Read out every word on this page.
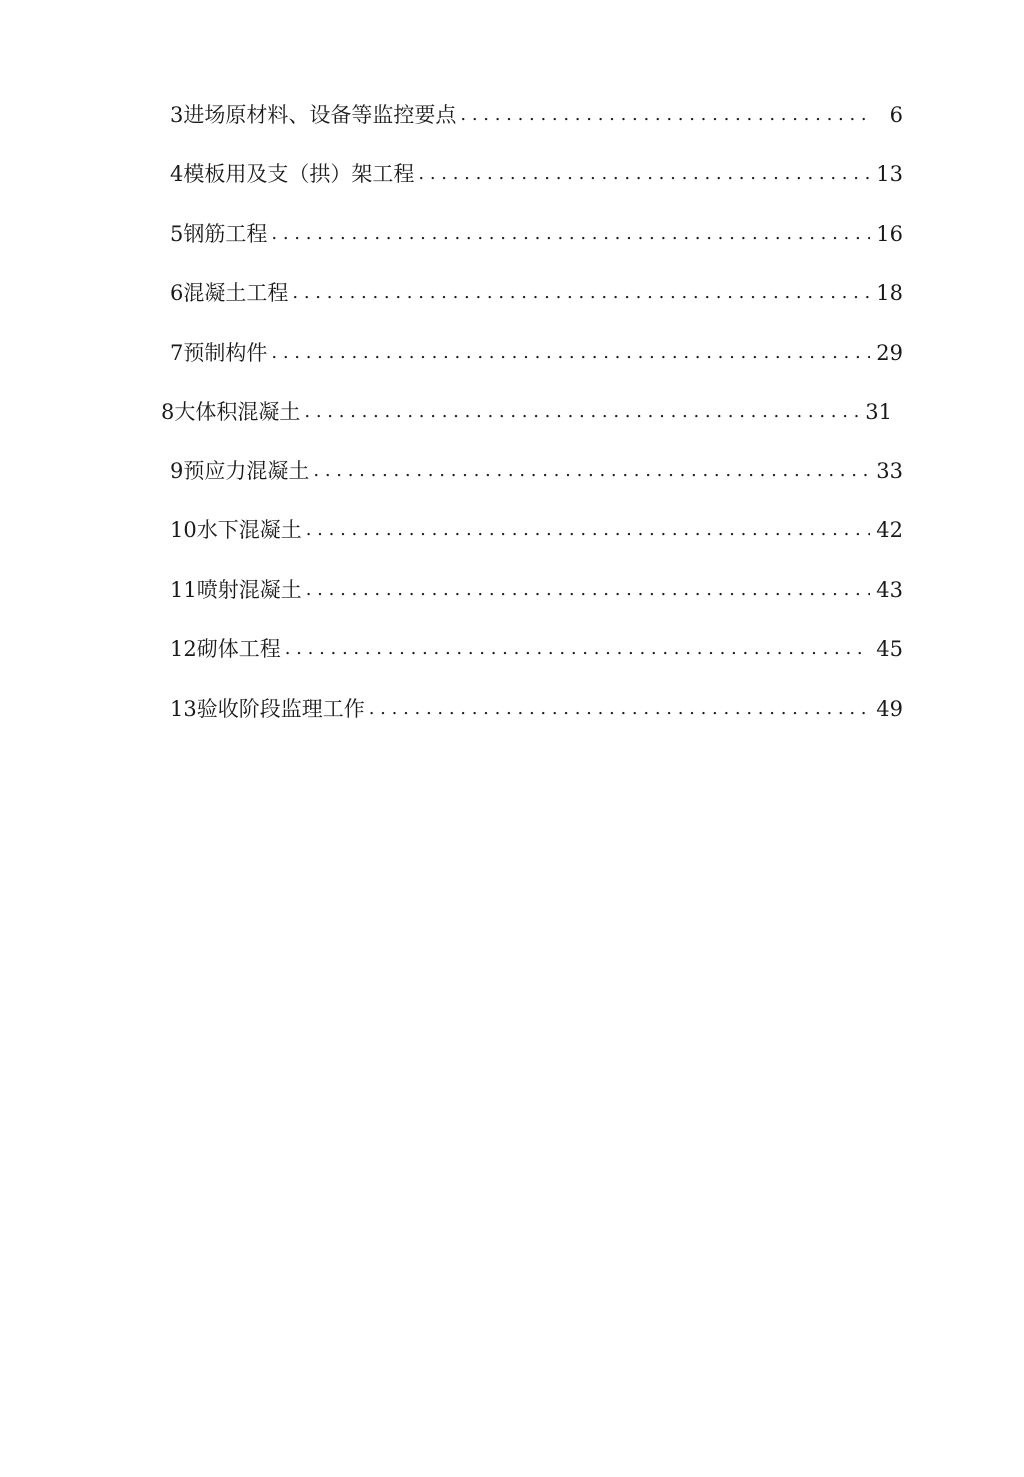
3进场原材料、设备等监控要点 . . .	6
4模板用及支（拱）架工程 . . .	13
5钢筋工程 . . .	16
6混凝土工程 . . .	18
7预制构件 . . .	29
8大体积混凝土 . . .	31
9预应力混凝土 . . .	33
10水下混凝土 . . .	42
11喷射混凝土 . . .	43
12砌体工程 . . .	45
13验收阶段监理工作 . . .	49
